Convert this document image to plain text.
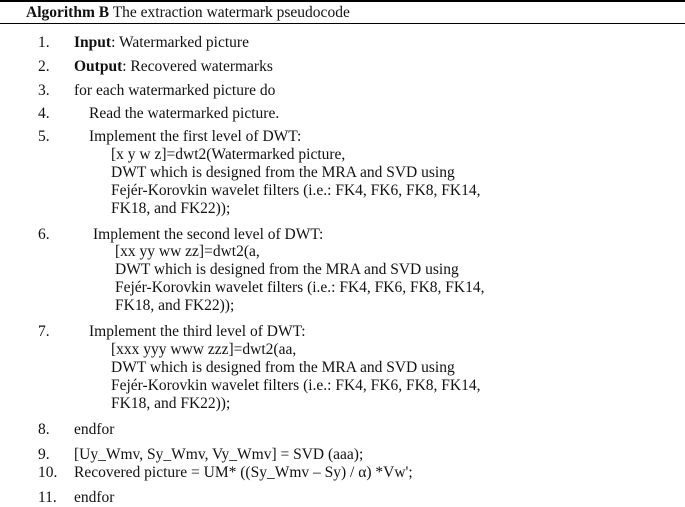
Algorithm B The extraction watermark pseudocode
1. Input: Watermarked picture
2. Output: Recovered watermarks
3. for each watermarked picture do
4.	Read the watermarked picture.
5.	Implement the first level of DWT:
[x y w z]=dwt2(Watermarked picture,
DWT which is designed from the MRA and SVD using
Fejér-Korovkin wavelet filters (i.e.: FK4, FK6, FK8, FK14,
FK18, and FK22));
6.	Implement the second level of DWT:
[xx yy ww zz]=dwt2(a,
DWT which is designed from the MRA and SVD using
Fejér-Korovkin wavelet filters (i.e.: FK4, FK6, FK8, FK14,
FK18, and FK22));
7.	Implement the third level of DWT:
[xxx yyy www zzz]=dwt2(aa,
DWT which is designed from the MRA and SVD using
Fejér-Korovkin wavelet filters (i.e.: FK4, FK6, FK8, FK14,
FK18, and FK22));
8. endfor
9. [Uy_Wmv, Sy_Wmv, Vy_Wmv] = SVD (aaa);
10. Recovered picture = UM* ((Sy_Wmv – Sy) / α) *Vw';
11. endfor
